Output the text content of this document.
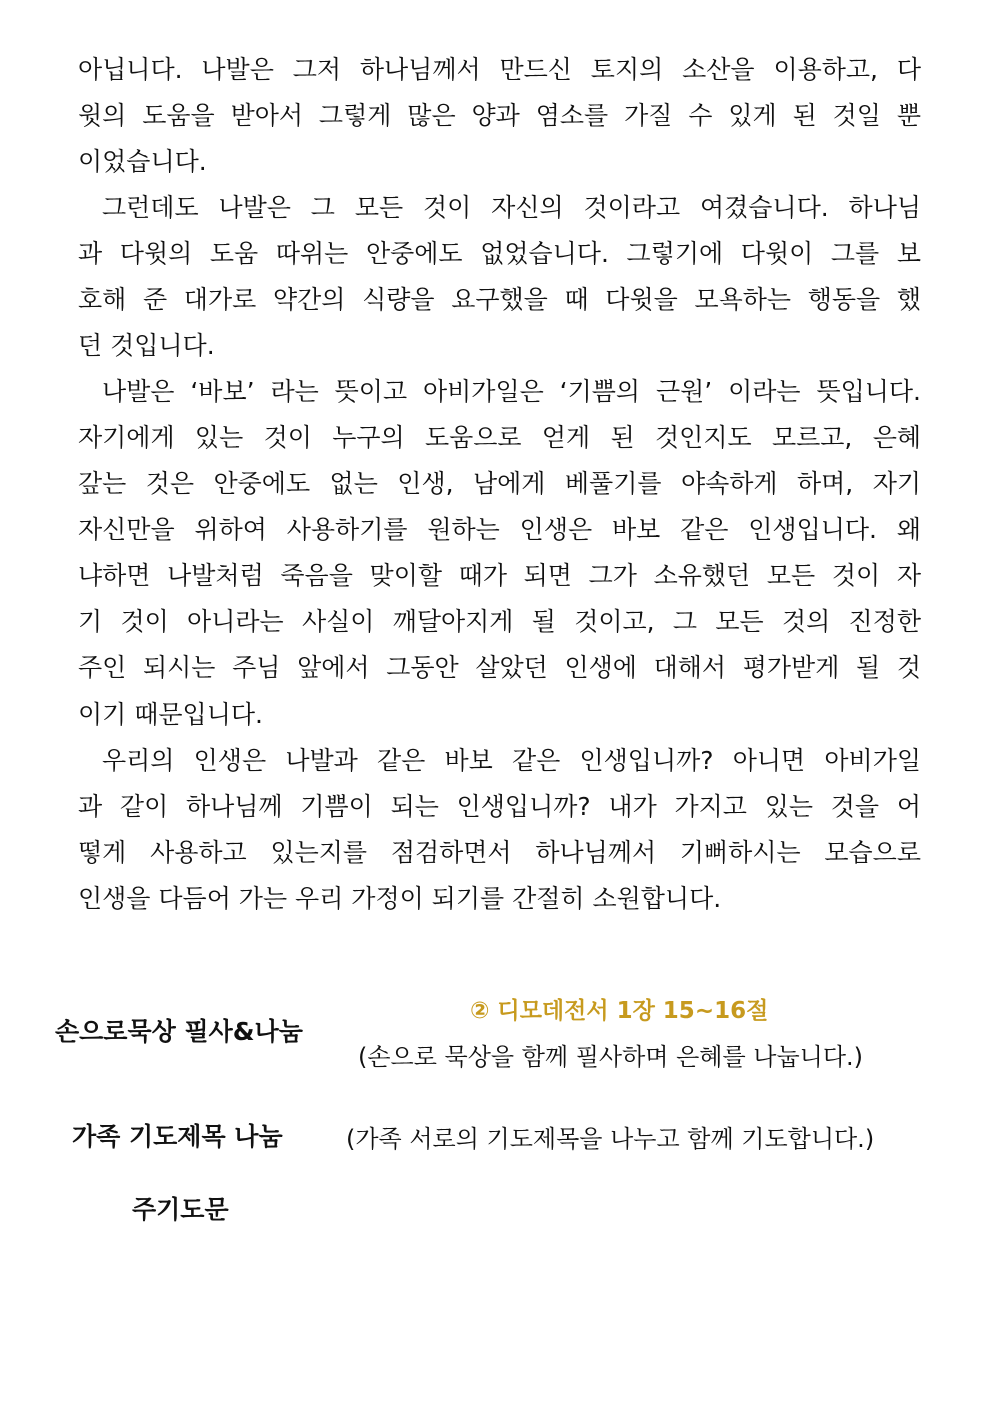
아닙니다. 나발은 그저 하나님께서 만드신 토지의 소산을 이용하고, 다
윗의 도움을 받아서 그렇게 많은 양과 염소를 가질 수 있게 된 것일 뿐
이었습니다.
그런데도 나발은 그 모든 것이 자신의 것이라고 여겼습니다. 하나님
과 다윗의 도움 따위는 안중에도 없었습니다. 그렇기에 다윗이 그를 보
호해 준 대가로 약간의 식량을 요구했을 때 다윗을 모욕하는 행동을 했
던 것입니다.
나발은 ‘바보’ 라는 뜻이고 아비가일은 ‘기쁨의 근원’ 이라는 뜻입니다.
자기에게 있는 것이 누구의 도움으로 얻게 된 것인지도 모르고, 은혜
갚는 것은 안중에도 없는 인생, 남에게 베풀기를 야속하게 하며, 자기
자신만을 위하여 사용하기를 원하는 인생은 바보 같은 인생입니다. 왜
냐하면 나발처럼 죽음을 맞이할 때가 되면 그가 소유했던 모든 것이 자
기 것이 아니라는 사실이 깨달아지게 될 것이고, 그 모든 것의 진정한
주인 되시는 주님 앞에서 그동안 살았던 인생에 대해서 평가받게 될 것
이기 때문입니다.
우리의 인생은 나발과 같은 바보 같은 인생입니까? 아니면 아비가일
과 같이 하나님께 기쁨이 되는 인생입니까? 내가 가지고 있는 것을 어
떻게 사용하고 있는지를 점검하면서 하나님께서 기뻐하시는 모습으로
인생을 다듬어 가는 우리 가정이 되기를 간절히 소원합니다.
손으로묵상 필사&나눔
② 디모데전서 1장 15~16절
(손으로 묵상을 함께 필사하며 은혜를 나눕니다.)
가족 기도제목 나눔	(가족 서로의 기도제목을 나누고 함께 기도합니다.)
주기도문
